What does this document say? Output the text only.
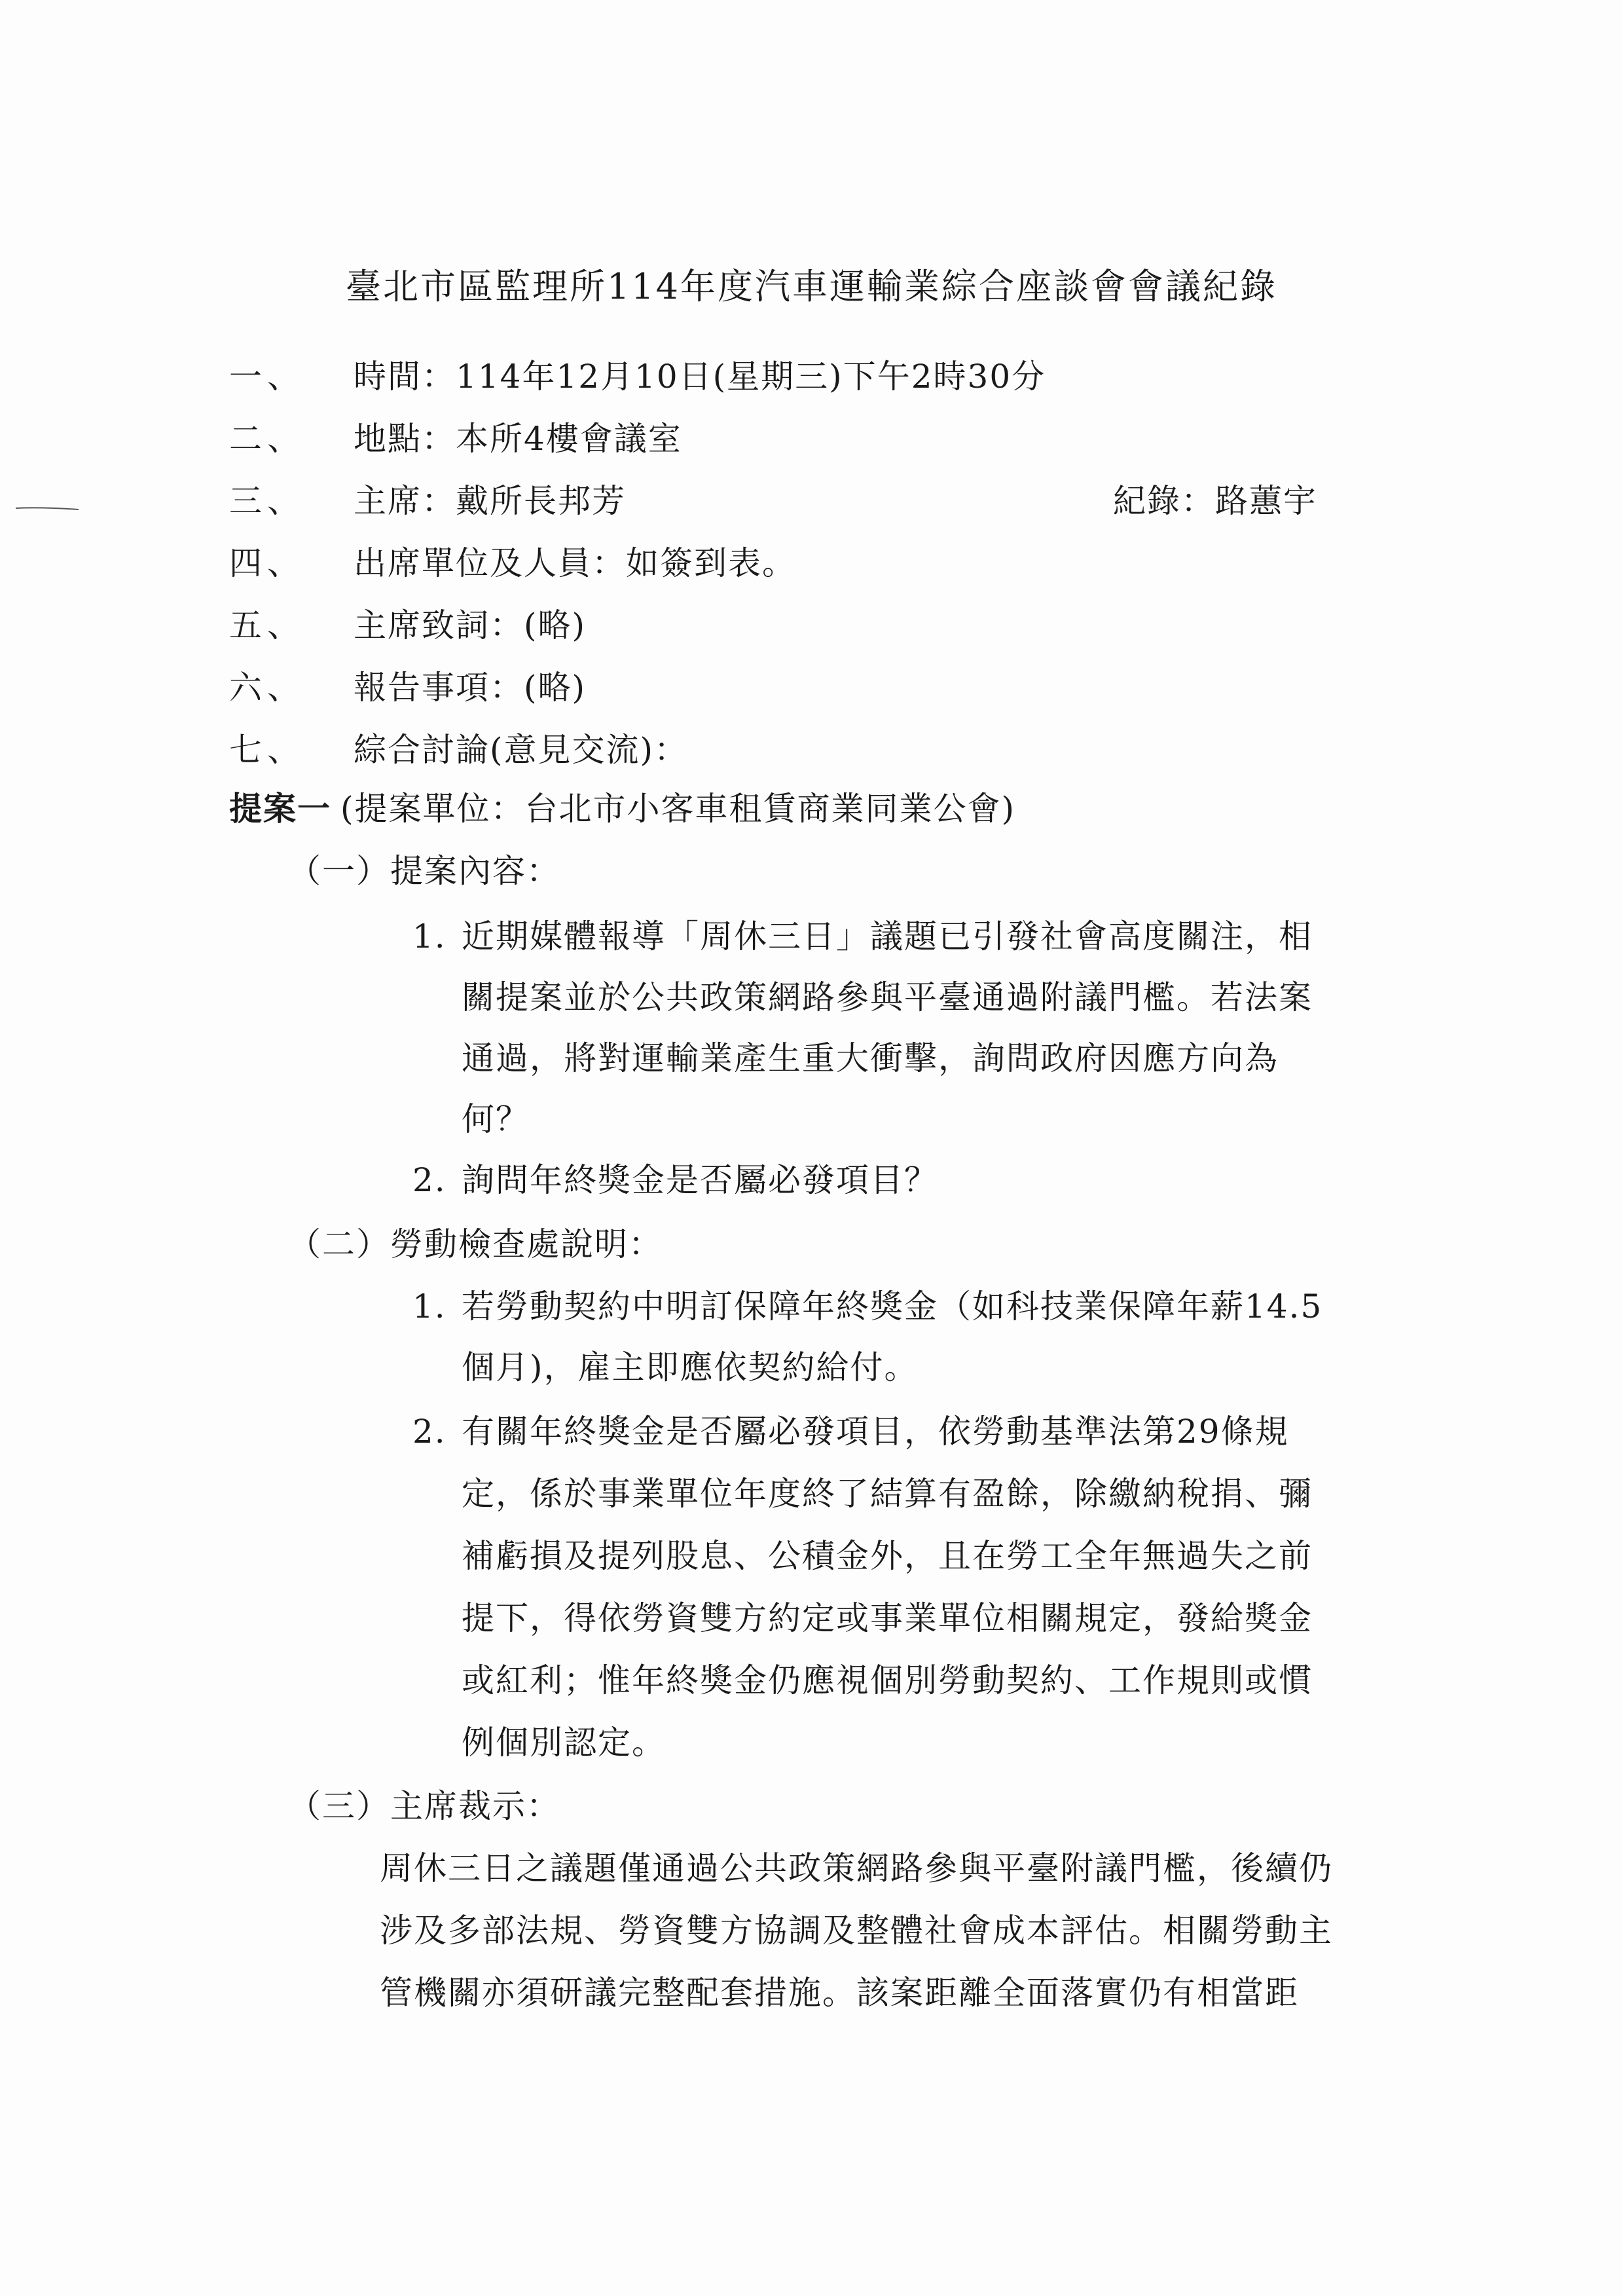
臺北市區監理所114年度汽車運輸業綜合座談會會議紀錄
一、 時間：114年12月10日(星期三)下午2時30分
二、 地點：本所4樓會議室
三、 主席：戴所長邦芳	紀錄：路蕙宇
四、 出席單位及人員：如簽到表。
五、 主席致詞：(略)
六、 報告事項：(略)
七、 綜合討論(意見交流)：
提案一 (提案單位：台北市小客車租賃商業同業公會)
（一）提案內容：
1. 近期媒體報導「周休三日」議題已引發社會高度關注，相
關提案並於公共政策網路參與平臺通過附議門檻。若法案
通過，將對運輸業產生重大衝擊，詢問政府因應方向為
何？
2. 詢問年終獎金是否屬必發項目？
（二）勞動檢查處說明：
1. 若勞動契約中明訂保障年終獎金（如科技業保障年薪14.5
個月)，雇主即應依契約給付。
2. 有關年終獎金是否屬必發項目，依勞動基準法第29條規
定，係於事業單位年度終了結算有盈餘，除繳納稅捐、彌
補虧損及提列股息、公積金外，且在勞工全年無過失之前
提下，得依勞資雙方約定或事業單位相關規定，發給獎金
或紅利；惟年終獎金仍應視個別勞動契約、工作規則或慣
例個別認定。
（三）主席裁示：
周休三日之議題僅通過公共政策網路參與平臺附議門檻，後續仍
涉及多部法規、勞資雙方協調及整體社會成本評估。相關勞動主
管機關亦須研議完整配套措施。該案距離全面落實仍有相當距
